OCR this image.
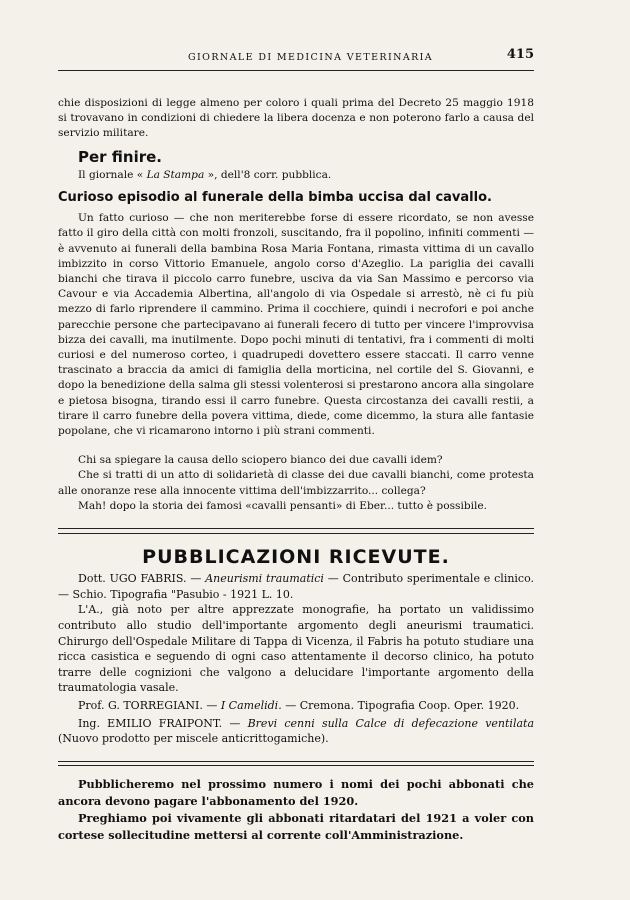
GIORNALE DI MEDICINA VETERINARIA	415

chie disposizioni di legge almeno per coloro i quali prima del Decreto 25 maggio 1918 si trovavano in condizioni di chiedere la libera docenza e non poterono farlo a causa del servizio militare.

Per finire.

Il giornale « La Stampa », dell'8 corr. pubblica.

Curioso episodio al funerale della bimba uccisa dal cavallo.

Un fatto curioso — che non meriterebbe forse di essere ricordato, se non avesse fatto il giro della città con molti fronzoli, suscitando, fra il popolino, infiniti commenti — è avvenuto ai funerali della bambina Rosa Maria Fontana, rimasta vittima di un cavallo imbizzito in corso Vittorio Emanuele, angolo corso d'Azeglio. La pariglia dei cavalli bianchi che tirava il piccolo carro funebre, usciva da via San Massimo e percorso via Cavour e via Accademia Albertina, all'angolo di via Ospedale si arrestò, nè ci fu più mezzo di farlo riprendere il cammino. Prima il cocchiere, quindi i necrofori e poi anche parecchie persone che partecipavano ai funerali fecero di tutto per vincere l'improvvisa bizza dei cavalli, ma inutilmente. Dopo pochi minuti di tentativi, fra i commenti di molti curiosi e del numeroso corteo, i quadrupedi dovettero essere staccati. Il carro venne trascinato a braccia da amici di famiglia della morticina, nel cortile del S. Giovanni, e dopo la benedizione della salma gli stessi volenterosi si prestarono ancora alla singolare e pietosa bisogna, tirando essi il carro funebre. Questa circostanza dei cavalli restii, a tirare il carro funebre della povera vittima, diede, come dicemmo, la stura alle fantasie popolane, che vi ricamarono intorno i più strani commenti.

Chi sa spiegare la causa dello sciopero bianco dei due cavalli idem?

Che si tratti di un atto di solidarietà di classe dei due cavalli bianchi, come protesta alle onoranze rese alla innocente vittima dell'imbizzarrito... collega?

Mah! dopo la storia dei famosi «cavalli pensanti» di Eber... tutto è possibile.

PUBBLICAZIONI RICEVUTE.

Dott. UGO FABRIS. — Aneurismi traumatici — Contributo sperimentale e clinico. — Schio. Tipografia "Pasubio - 1921 L. 10.

L'A., già noto per altre apprezzate monografie, ha portato un validissimo contributo allo studio dell'importante argomento degli aneurismi traumatici. Chirurgo dell'Ospedale Militare di Tappa di Vicenza, il Fabris ha potuto studiare una ricca casistica e seguendo di ogni caso attentamente il decorso clinico, ha potuto trarre delle cognizioni che valgono a delucidare l'importante argomento della traumatologia vasale.

Prof. G. TORREGIANI. — I Camelidi. — Cremona. Tipografia Coop. Oper. 1920.

Ing. EMILIO FRAIPONT. — Brevi cenni sulla Calce di defecazione ventilata (Nuovo prodotto per miscele anticrittogamiche).

Pubblicheremo nel prossimo numero i nomi dei pochi abbonati che ancora devono pagare l'abbonamento del 1920.

Preghiamo poi vivamente gli abbonati ritardatari del 1921 a voler con cortese sollecitudine mettersi al corrente coll'Amministrazione.
